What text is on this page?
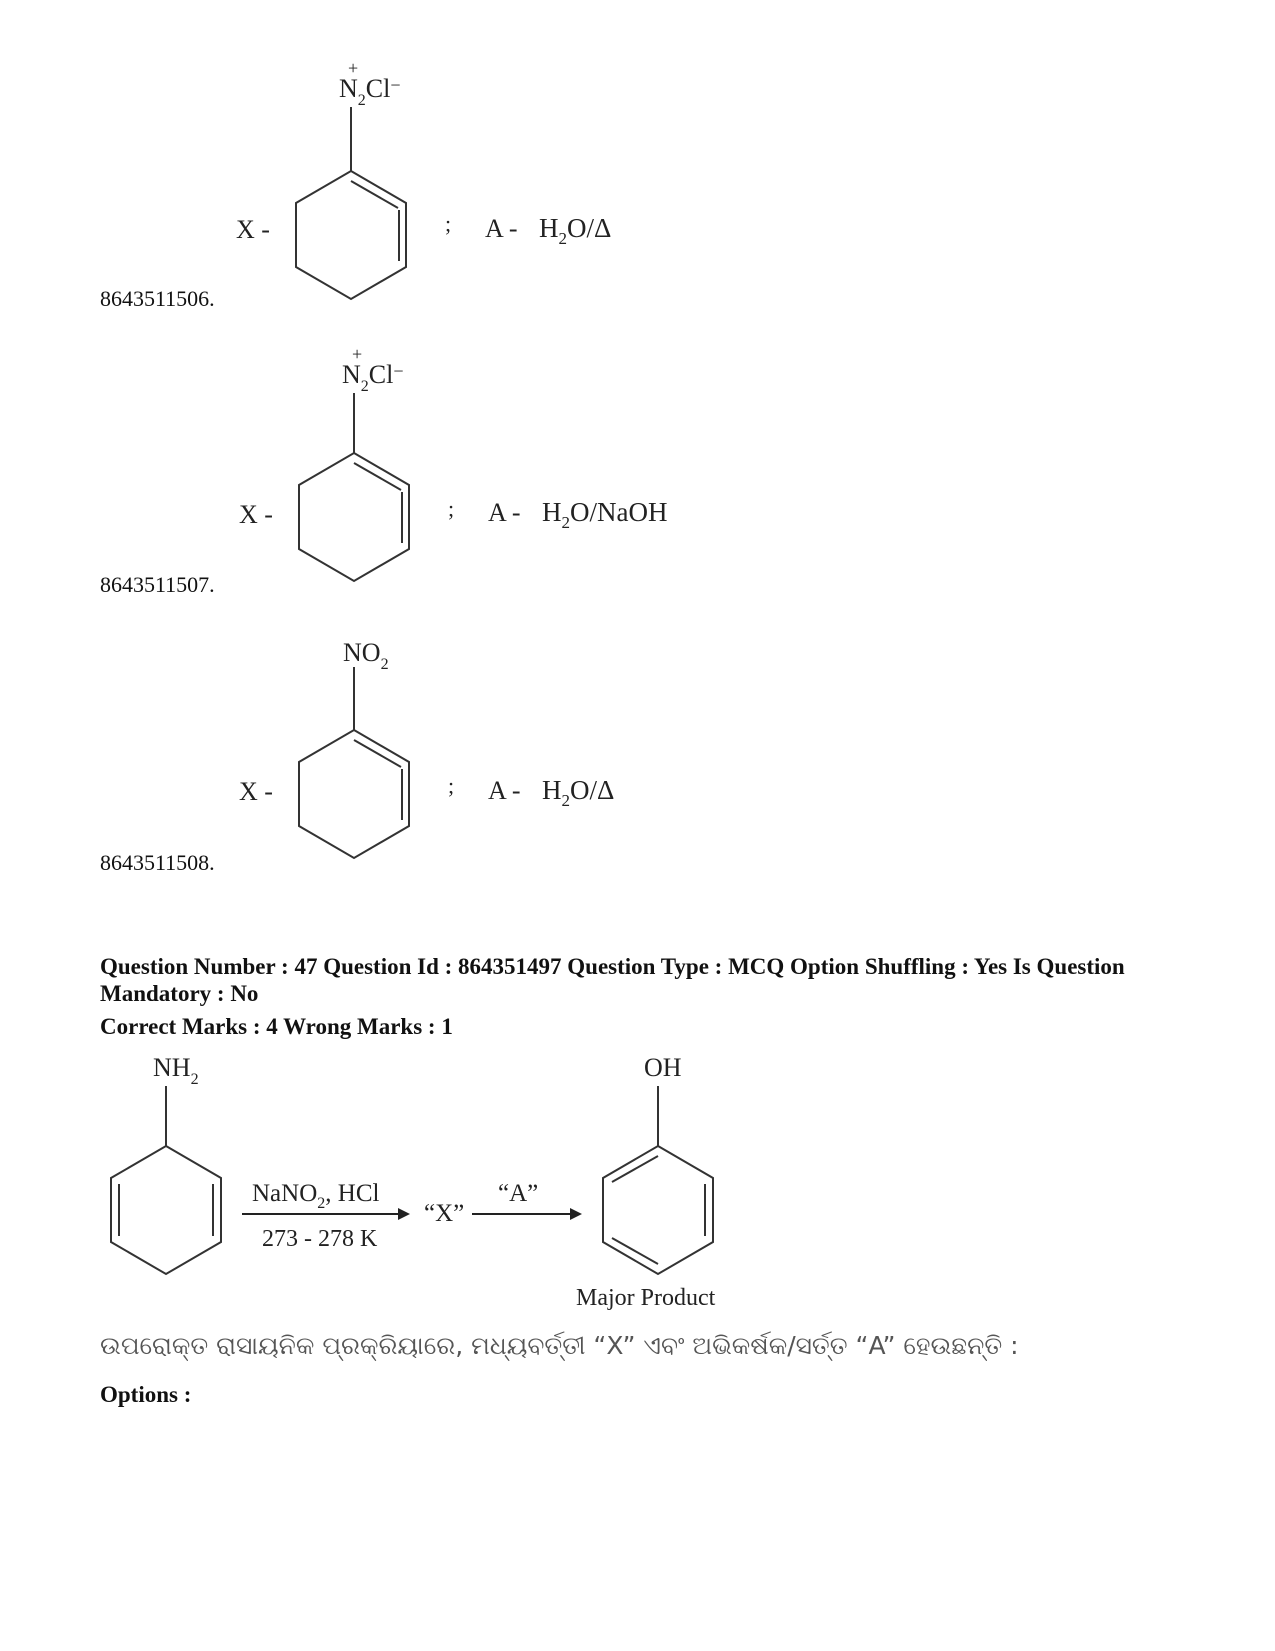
$N_2Cl^-$
+
X -	; A - $H_2O/\Delta$
$N_2Cl^-$
+
X -	; A - $H_2O$/NaOH
$NO_2$
X -	; A - $H_2O/\Delta$
$NH_2$
NaNO$_2$, HCl
273 - 278 K
“X”
“A”
OH
Major Product
8643511506.
8643511507.
8643511508.
Question Number : 47 Question Id : 864351497 Question Type : MCQ Option Shuffling : Yes Is Question
Mandatory : No
Correct Marks : 4 Wrong Marks : 1
ଉପରୋକ୍ତ ରାସାୟନିକ ପ୍ରକ୍ରିୟାରେ, ମଧ୍ୟବର୍ତ୍ତୀ “X” ଏବଂ ଅଭିକର୍ଷକ/ସର୍ତ୍ତ “A” ହେଉଛନ୍ତି :
Options :
